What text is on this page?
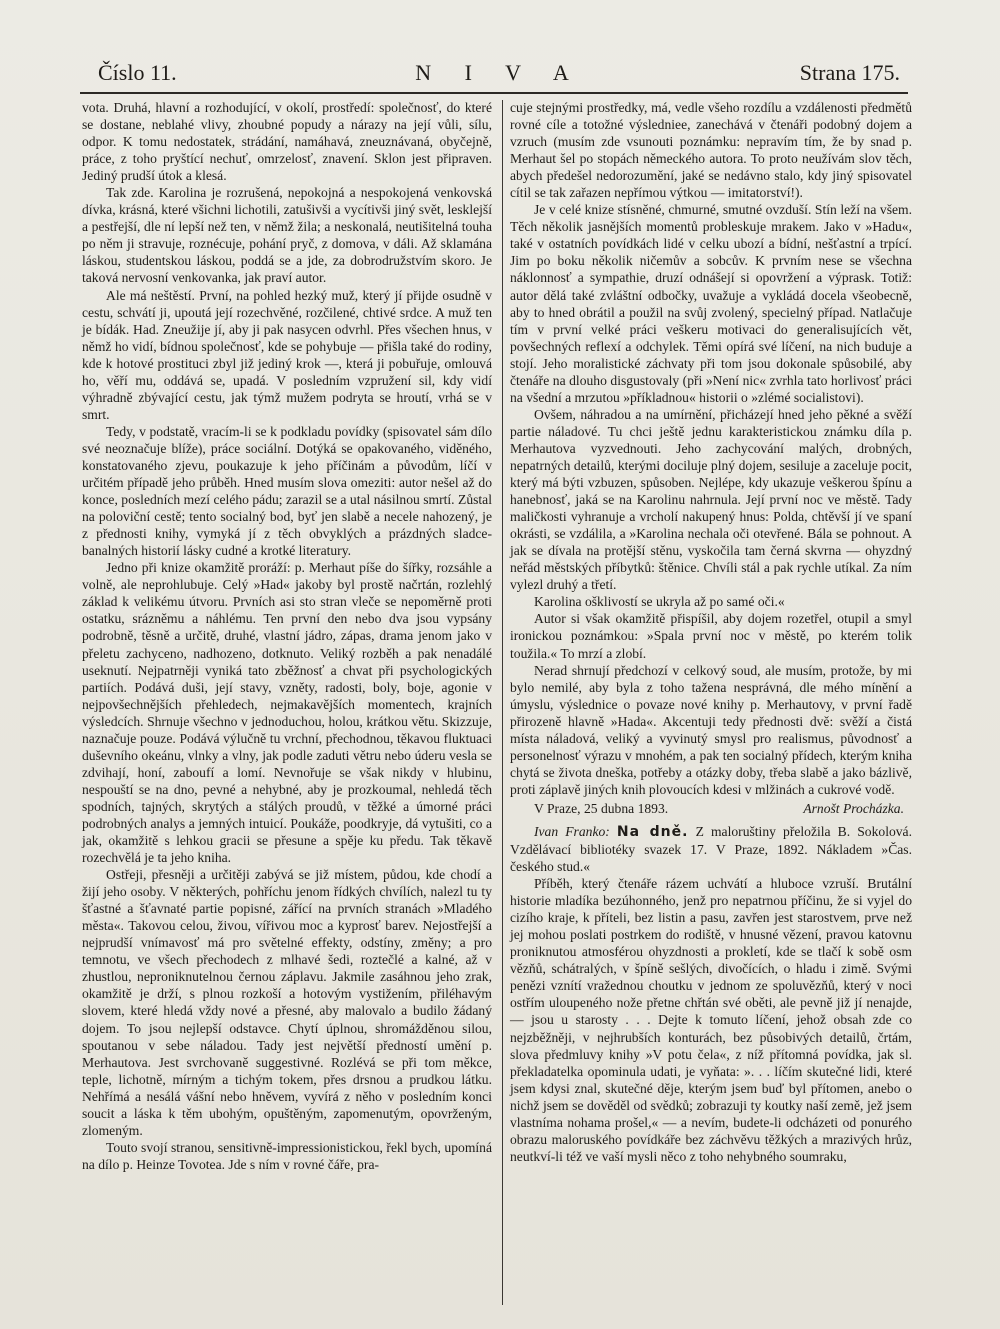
Číslo 11.	N I V A	Strana 175.

vota. Druhá, hlavní a rozhodující, v okolí, prostředí: společnosť, do které se dostane, neblahé vlivy, zhoubné popudy a nárazy na její vůli, sílu, odpor. K tomu nedostatek, strádání, namáhavá, zneuznávaná, obyčejně, práce, z toho pryštící nechuť, omrzelosť, znavení. Sklon jest připraven. Jediný prudší útok a klesá.

Tak zde. Karolina je rozrušená, nepokojná a nespokojená venkovská dívka, krásná, které všichni lichotili, zatušivši a vycítivši jiný svět, lesklejší a pestřejší, dle ní lepší než ten, v němž žila; a neskonalá, neutišitelná touha po něm ji stravuje, roznécuje, pohání pryč, z domova, v dáli. Až sklamána láskou, studentskou láskou, poddá se a jde, za dobrodružstvím skoro. Je taková nervosní venkovanka, jak praví autor.

Ale má neštěstí. První, na pohled hezký muž, který jí přijde osudně v cestu, schvátí ji, upoutá její rozechvěné, rozčilené, chtivé srdce. A muž ten je bídák. Had. Zneužije jí, aby ji pak nasycen odvrhl. Přes všechen hnus, v němž ho vidí, bídnou společnosť, kde se pohybuje — přišla také do rodiny, kde k hotové prostituci zbyl již jediný krok —, která ji pobuřuje, omlouvá ho, věří mu, oddává se, upadá. V posledním vzpružení sil, kdy vidí výhradně zbývající cestu, jak týmž mužem podryta se hroutí, vrhá se v smrt.

Tedy, v podstatě, vracím-li se k podkladu povídky (spisovatel sám dílo své neoznačuje blíže), práce sociální. Dotýká se opakovaného, viděného, konstatovaného zjevu, poukazuje k jeho příčinám a původům, líčí v určitém případě jeho průběh. Hned musím slova omeziti: autor nešel až do konce, posledních mezí celého pádu; zarazil se a utal násilnou smrtí. Zůstal na poloviční cestě; tento socialný bod, byť jen slabě a necele nahozený, je z přednosti knihy, vymyká jí z těch obvyklých a prázdných sladce-banalných historií lásky cudné a krotké literatury.

Jedno při knize okamžitě proráží: p. Merhaut píše do šířky, rozsáhle a volně, ale neprohlubuje. Celý »Had« jakoby byl prostě načrtán, rozlehlý základ k velikému útvoru. Prvních asi sto stran vleče se nepoměrně proti ostatku, srázněmu a náhlému. Ten první den nebo dva jsou vypsány podrobně, těsně a určitě, druhé, vlastní jádro, zápas, drama jenom jako v přeletu zachyceno, nadhozeno, dotknuto. Veliký rozběh a pak nenadálé useknutí. Nejpatrněji vyniká tato zběžnosť a chvat při psychologických partiích. Podává duši, její stavy, vzněty, radosti, boly, boje, agonie v nejpovšechnějších přehledech, nejmakavějších momentech, krajních výsledcích. Shrnuje všechno v jednoduchou, holou, krátkou větu. Skizzuje, naznačuje pouze. Podává výlučně tu vrchní, přechodnou, těkavou fluktuaci duševního okeánu, vlnky a vlny, jak podle zaduti větru nebo úderu vesla se zdvihají, honí, zaboufí a lomí. Nevnořuje se však nikdy v hlubinu, nespouští se na dno, pevné a nehybné, aby je prozkoumal, nehledá těch spodních, tajných, skrytých a stálých proudů, v těžké a úmorné práci podrobných analys a jemných intuicí. Poukáže, poodkryje, dá vytušiti, co a jak, okamžitě s lehkou gracii se přesune a spěje ku předu. Tak těkavě rozechvělá je ta jeho kniha.

Ostřeji, přesněji a určitěji zabývá se již místem, půdou, kde chodí a žijí jeho osoby. V některých, pohříchu jenom řídkých chvílích, nalezl tu ty šťastné a šťavnaté partie popisné, zářící na prvních stranách »Mladého města«. Takovou celou, živou, vířivou moc a kyprosť barev. Nejostřejší a nejprudší vnímavosť má pro světelné effekty, odstíny, změny; a pro temnotu, ve všech přechodech z mlhavé šedi, roztečlé a kalné, až v zhustlou, neproniknutelnou černou záplavu. Jakmile zasáhnou jeho zrak, okamžitě je drží, s plnou rozkoší a hotovým vystižením, přiléhavým slovem, které hledá vždy nové a přesné, aby malovalo a budilo žádaný dojem. To jsou nejlepší odstavce. Chytí úplnou, shromážděnou silou, spoutanou v sebe náladou. Tady jest největší předností umění p. Merhautova. Jest svrchovaně suggestivné. Rozlévá se při tom měkce, teple, lichotně, mírným a tichým tokem, přes drsnou a prudkou látku. Nehřímá a nesálá vášní nebo hněvem, vyvírá z něho v posledním konci soucit a láska k těm ubohým, opuštěným, zapomenutým, opovrženým, zlomeným.

Touto svojí stranou, sensitivně-impressionistickou, řekl bych, upomíná na dílo p. Heinze Tovotea. Jde s ním v rovné čáře, pra-

cuje stejnými prostředky, má, vedle všeho rozdílu a vzdálenosti předmětů rovné cíle a totožné výsledniee, zanechává v čtenáři podobný dojem a vzruch (musím zde vsunouti poznámku: nepravím tím, že by snad p. Merhaut šel po stopách německého autora. To proto neužívám slov těch, abych předešel nedorozumění, jaké se nedávno stalo, kdy jiný spisovatel cítil se tak zařazen nepřímou výtkou — imitatorství!).

Je v celé knize stísněné, chmurné, smutné ovzduší. Stín leží na všem. Těch několik jasnějších momentů probleskuje mrakem. Jako v »Hadu«, také v ostatních povídkách lidé v celku ubozí a bídní, nešťastní a trpící. Jim po boku několik ničemův a sobcův. K prvním nese se všechna náklonnosť a sympathie, druzí odnášejí si opovržení a výprask. Totiž: autor dělá také zvláštní odbočky, uvažuje a vykládá docela všeobecně, aby to hned obrátil a použil na svůj zvolený, specielný případ. Natlačuje tím v první velké práci veškeru motivaci do generalisujících vět, povšechných reflexí a odchylek. Těmi opírá své líčení, na nich buduje a stojí. Jeho moralistické záchvaty při tom jsou dokonale spůsobilé, aby čtenáře na dlouho disgustovaly (při »Není nic« zvrhla tato horlivosť práci na všední a mrzutou »příkladnou« historii o »zlémé socialistovi).

Ovšem, náhradou a na umírnění, přicházejí hned jeho pěkné a svěží partie náladové. Tu chci ještě jednu karakteristickou známku díla p. Merhautova vyzvednouti. Jeho zachycování malých, drobných, nepatrných detailů, kterými dociluje plný dojem, sesiluje a zaceluje pocit, který má býti vzbuzen, spůsoben. Nejlépe, kdy ukazuje veškerou špínu a hanebnosť, jaká se na Karolinu nahrnula. Její první noc ve městě. Tady maličkosti vyhranuje a vrcholí nakupený hnus: Polda, chtěvší jí ve spaní okrásti, se vzdálila, a »Karolina nechala oči otevřené. Bála se pohnout. A jak se dívala na protější stěnu, vyskočila tam černá skvrna — ohyzdný neřád městských příbytků: štěnice. Chvíli stál a pak rychle utíkal. Za ním vylezl druhý a třetí.

Karolina ošklivostí se ukryla až po samé oči.«

Autor si však okamžitě přispíšil, aby dojem rozetřel, otupil a smyl ironickou poznámkou: »Spala první noc v městě, po kterém tolik toužila.« To mrzí a zlobí.

Nerad shrnují předchozí v celkový soud, ale musím, protože, by mi bylo nemilé, aby byla z toho tažena nesprávná, dle mého mínění a úmyslu, výslednice o povaze nové knihy p. Merhautovy, v první řadě přirozeně hlavně »Hada«. Akcentuji tedy přednosti dvě: svěží a čistá místa náladová, veliký a vyvinutý smysl pro realismus, původnosť a personelnosť výrazu v mnohém, a pak ten socialný přídech, kterým kniha chytá se života dneška, potřeby a otázky doby, třeba slabě a jako bázlivě, proti záplavě jiných knih plovoucích kdesi v mlžinách a cukrové vodě.

V Praze, 25 dubna 1893.	Arnošt Procházka.

Ivan Franko: Na dně. Z maloruštiny přeložila B. Sokolová. Vzdělávací bibliotéky svazek 17. V Praze, 1892. Nákladem »Čas. českého stud.«

Příběh, který čtenáře rázem uchvátí a hluboce vzruší. Brutální historie mladíka bezúhonného, jenž pro nepatrnou příčinu, že si vyjel do cizího kraje, k příteli, bez listin a pasu, zavřen jest starostvem, prve než jej mohou poslati postrkem do rodiště, v hnusné vězení, pravou katovnu proniknutou atmosférou ohyzdnosti a prokletí, kde se tlačí k sobě osm vězňů, schátralých, v špíně sešlých, divočících, o hladu i zimě. Svými penězi vznítí vražednou choutku v jednom ze spoluvězňů, který v noci ostřím uloupeného nože přetne chřtán své oběti, ale pevně již jí nenajde, — jsou u starosty . . . Dejte k tomuto líčení, jehož obsah zde co nejzběžněji, v nejhrubších konturách, bez působivých detailů, črtám, slova předmluvy knihy »V potu čela«, z níž přítomná povídka, jak sl. překladatelka opominula udati, je vyňata: ». . . líčím skutečné lidi, které jsem kdysi znal, skutečné děje, kterým jsem buď byl přítomen, anebo o nichž jsem se dověděl od svědků; zobrazuji ty koutky naší země, jež jsem vlastníma nohama prošel,« — a nevím, budete-li odcházeti od ponurého obrazu maloruského povídkáře bez záchvěvu těžkých a mrazivých hrůz, neutkví-li též ve vaší mysli něco z toho nehybného soumraku,
